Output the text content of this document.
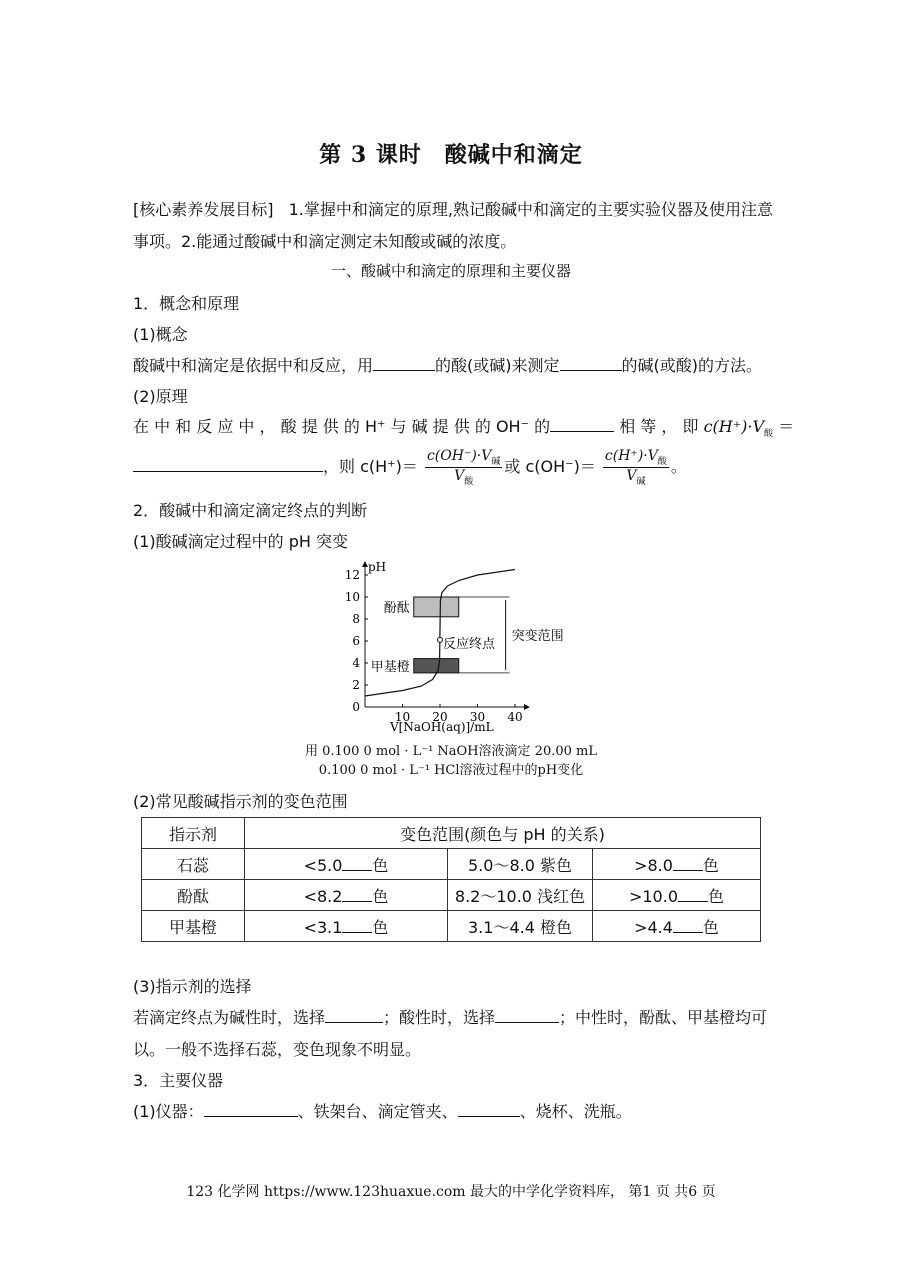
第 3 课时　酸碱中和滴定
[核心素养发展目标] 1.掌握中和滴定的原理,熟记酸碱中和滴定的主要实验仪器及使用注意
事项。2.能通过酸碱中和滴定测定未知酸或碱的浓度。
一、酸碱中和滴定的原理和主要仪器
1．概念和原理
(1)概念
酸碱中和滴定是依据中和反应，用	的酸(或碱)来测定	的碱(或酸)的方法。
(2)原理
在 中 和 反 应 中 ， 酸 提 供 的 H⁺ 与 碱 提 供 的 OH⁻ 的	相 等 ， 即 $c(H^+)\cdot V_酸$ ＝
，则 $c(H^+)= \frac{c(OH^-)\cdot V_碱}{V_酸}$ 或 $c(OH^-)= \frac{c(H^+)\cdot V_酸}{V_碱}$ 。
2．酸碱中和滴定滴定终点的判断
(1)酸碱滴定过程中的 pH 突变
pH
V[NaOH(aq)]/mL
0
2
4
6
8
10
12
10 20 30 40
酚酞
甲基橙
反应终点
突变范围
用 0.100 0 mol · L⁻¹ NaOH溶液滴定 20.00 mL
0.100 0 mol · L⁻¹ HCl溶液过程中的pH变化
(2)常见酸碱指示剂的变色范围
指示剂	变色范围(颜色与 pH 的关系)		
石蕊	<5.0 色	5.0～8.0 紫色	>8.0 色
酚酞	<8.2 色	8.2～10.0 浅红色	>10.0 色
甲基橙	<3.1 色	3.1～4.4 橙色	>4.4 色
(3)指示剂的选择
若滴定终点为碱性时，选择	；酸性时，选择	；中性时，酚酞、甲基橙均可
以。一般不选择石蕊，变色现象不明显。
3．主要仪器
(1)仪器：	、铁架台、滴定管夹、	、烧杯、洗瓶。
123 化学网 https://www.123huaxue.com 最大的中学化学资料库， 第1 页 共6 页
